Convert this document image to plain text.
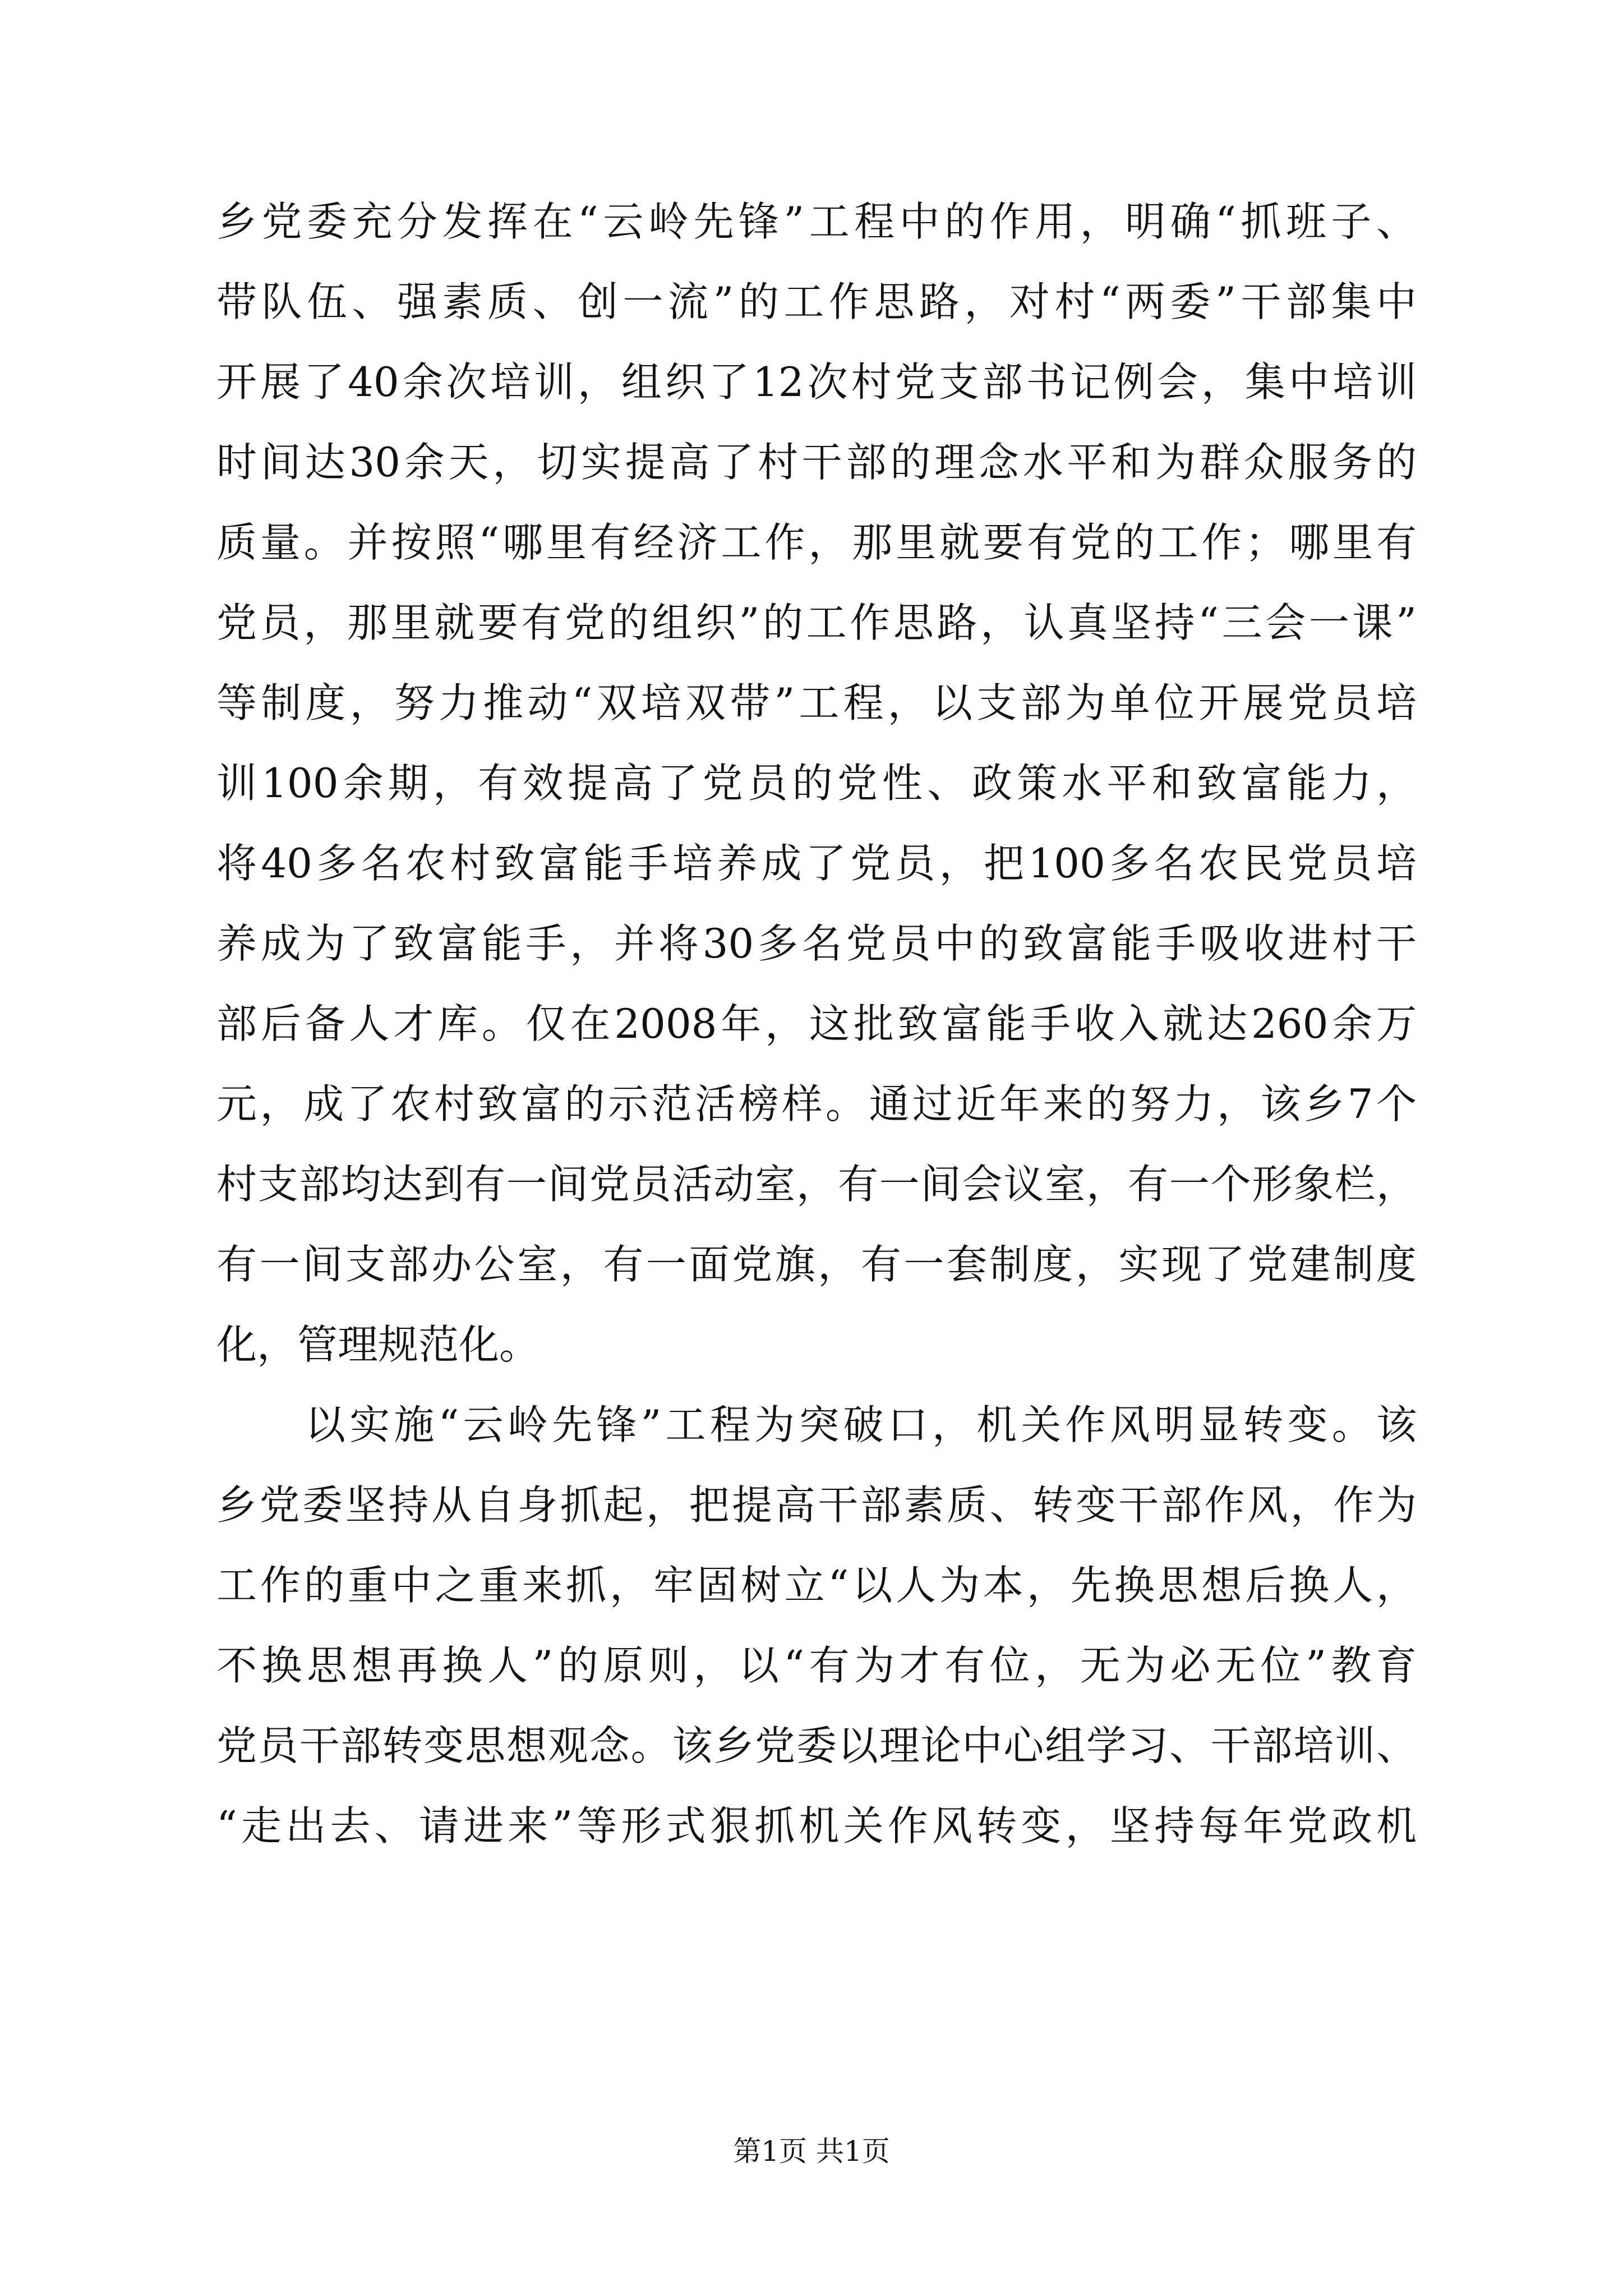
乡党委充分发挥在“云岭先锋”工程中的作用，明确“抓班子、
带队伍、强素质、创一流”的工作思路，对村“两委”干部集中
开展了40余次培训，组织了12次村党支部书记例会，集中培训
时间达30余天，切实提高了村干部的理念水平和为群众服务的
质量。并按照“哪里有经济工作，那里就要有党的工作；哪里有
党员，那里就要有党的组织”的工作思路，认真坚持“三会一课”
等制度，努力推动“双培双带”工程，以支部为单位开展党员培
训100余期，有效提高了党员的党性、政策水平和致富能力，
将40多名农村致富能手培养成了党员，把100多名农民党员培
养成为了致富能手，并将30多名党员中的致富能手吸收进村干
部后备人才库。仅在2008年，这批致富能手收入就达260余万
元，成了农村致富的示范活榜样。通过近年来的努力，该乡7个
村支部均达到有一间党员活动室，有一间会议室，有一个形象栏，
有一间支部办公室，有一面党旗，有一套制度，实现了党建制度
化，管理规范化。
以实施“云岭先锋”工程为突破口，机关作风明显转变。该
乡党委坚持从自身抓起，把提高干部素质、转变干部作风，作为
工作的重中之重来抓，牢固树立“以人为本，先换思想后换人，
不换思想再换人”的原则，以“有为才有位，无为必无位”教育
党员干部转变思想观念。该乡党委以理论中心组学习、干部培训、
“走出去、请进来”等形式狠抓机关作风转变，坚持每年党政机
第1页 共1页
